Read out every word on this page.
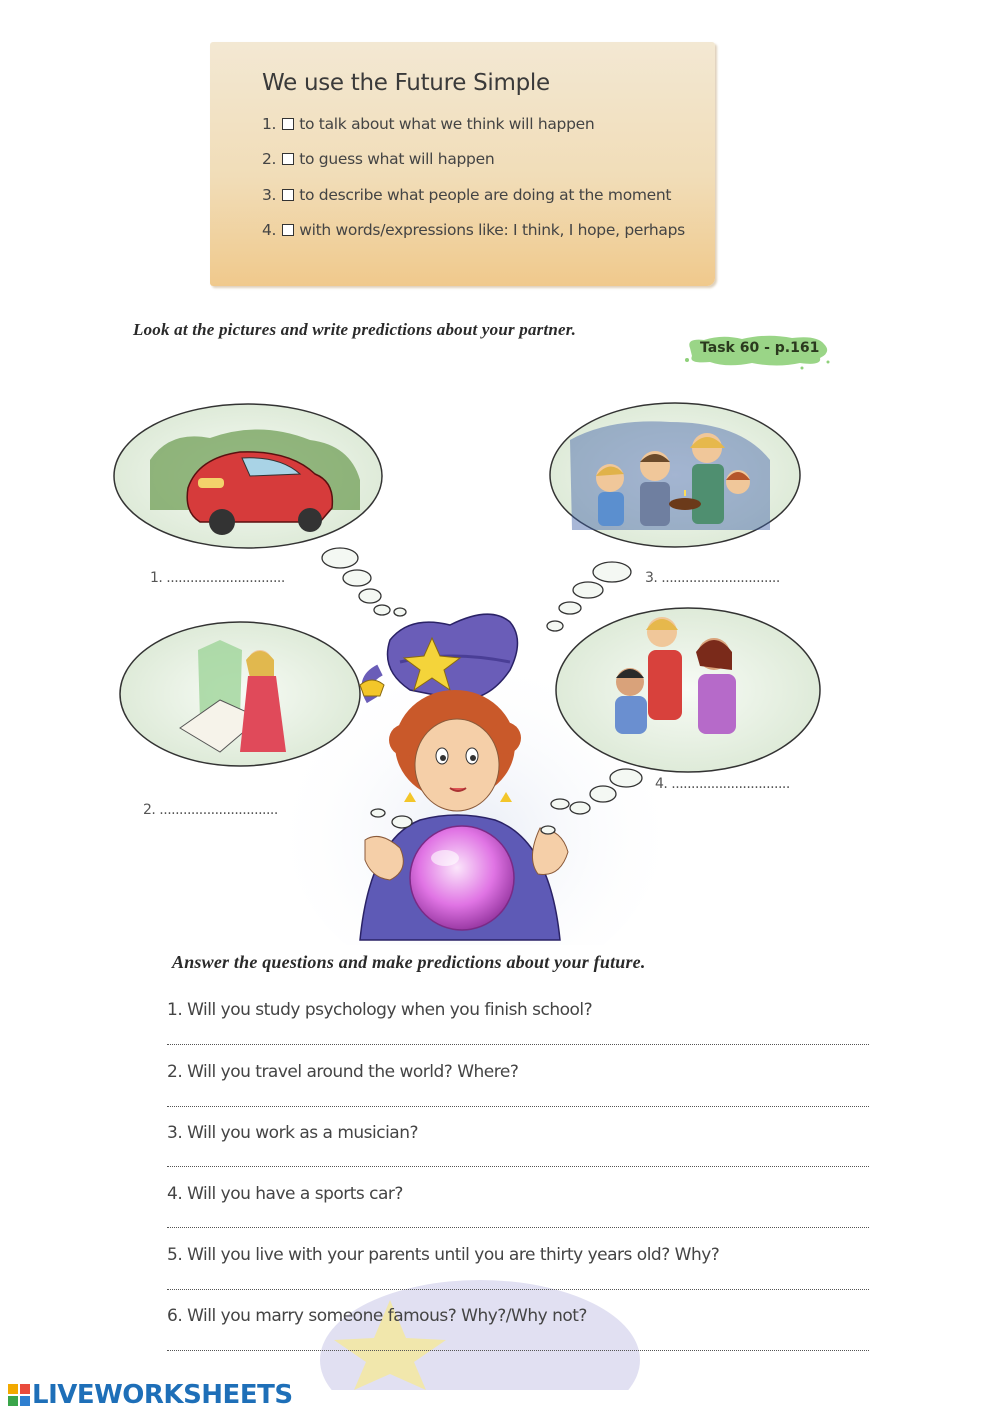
We use the Future Simple
1. to talk about what we think will happen
2. to guess what will happen
3. to describe what people are doing at the moment
4. with words/expressions like: I think, I hope, perhaps
Look at the pictures and write predictions about your partner.
Task 60 - p.161
1. ..............................
2. ..............................
3. ..............................
4. ..............................
Answer the questions and make predictions about your future.
1. Will you study psychology when you finish school?
2. Will you travel around the world? Where?
3. Will you work as a musician?
4. Will you have a sports car?
5. Will you live with your parents until you are thirty years old? Why?
6. Will you marry someone famous? Why?/Why not?
LIVEWORKSHEETS
